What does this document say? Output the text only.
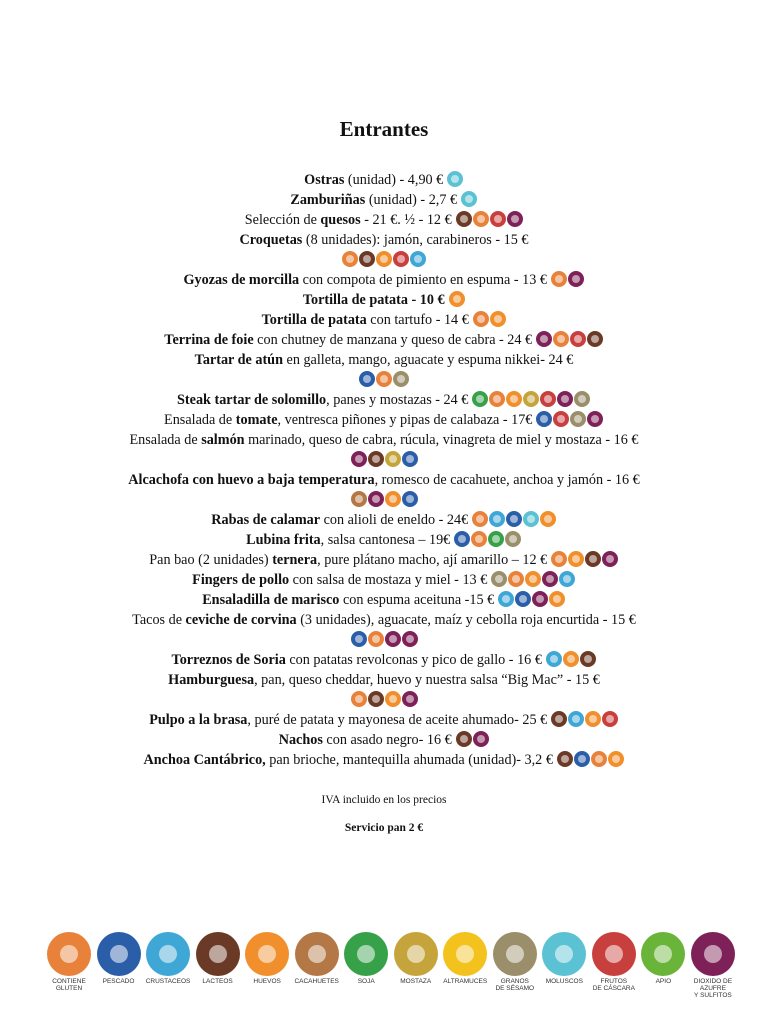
Entrantes
Ostras (unidad) - 4,90 €
Zamburiñas (unidad) - 2,7 €
Selección de quesos - 21 €. ½ - 12 €
Croquetas (8 unidades): jamón, carabineros - 15 €
Gyozas de morcilla con compota de pimiento en espuma - 13 €
Tortilla de patata - 10 €
Tortilla de patata con tartufo - 14 €
Terrina de foie con chutney de manzana y queso de cabra - 24 €
Tartar de atún en galleta, mango, aguacate y espuma nikkei- 24 €
Steak tartar de solomillo, panes y mostazas - 24 €
Ensalada de tomate, ventresca piñones y pipas de calabaza - 17€
Ensalada de salmón marinado, queso de cabra, rúcula, vinagreta de miel y mostaza - 16 €
Alcachofa con huevo a baja temperatura, romesco de cacahuete, anchoa y jamón - 16 €
Rabas de calamar con alioli de eneldo - 24€
Lubina frita, salsa cantonesa – 19€
Pan bao (2 unidades) ternera, pure plátano macho, ají amarillo – 12 €
Fingers de pollo con salsa de mostaza y miel - 13 €
Ensaladilla de marisco con espuma aceituna -15 €
Tacos de ceviche de corvina (3 unidades), aguacate, maíz y cebolla roja encurtida - 15 €
Torreznos de Soria con patatas revolconas y pico de gallo - 16 €
Hamburguesa, pan, queso cheddar, huevo y nuestra salsa “Big Mac” - 15 €
Pulpo a la brasa, puré de patata y mayonesa de aceite ahumado- 25 €
Nachos con asado negro- 16 €
Anchoa Cantábrico, pan brioche, mantequilla ahumada (unidad)- 3,2 €
IVA incluido en los precios
Servicio pan 2 €
CONTIENE
GLUTEN
PESCADO	CRUSTACEOS	LACTEOS	HUEVOS	CACAHUETES	SOJA	MOSTAZA	ALTRAMUCES	GRANOS
DE SÉSAMO
MOLUSCOS	FRUTOS
DE CÁSCARA
APIO	DIOXIDO DE AZUFRE
Y SULFITOS
